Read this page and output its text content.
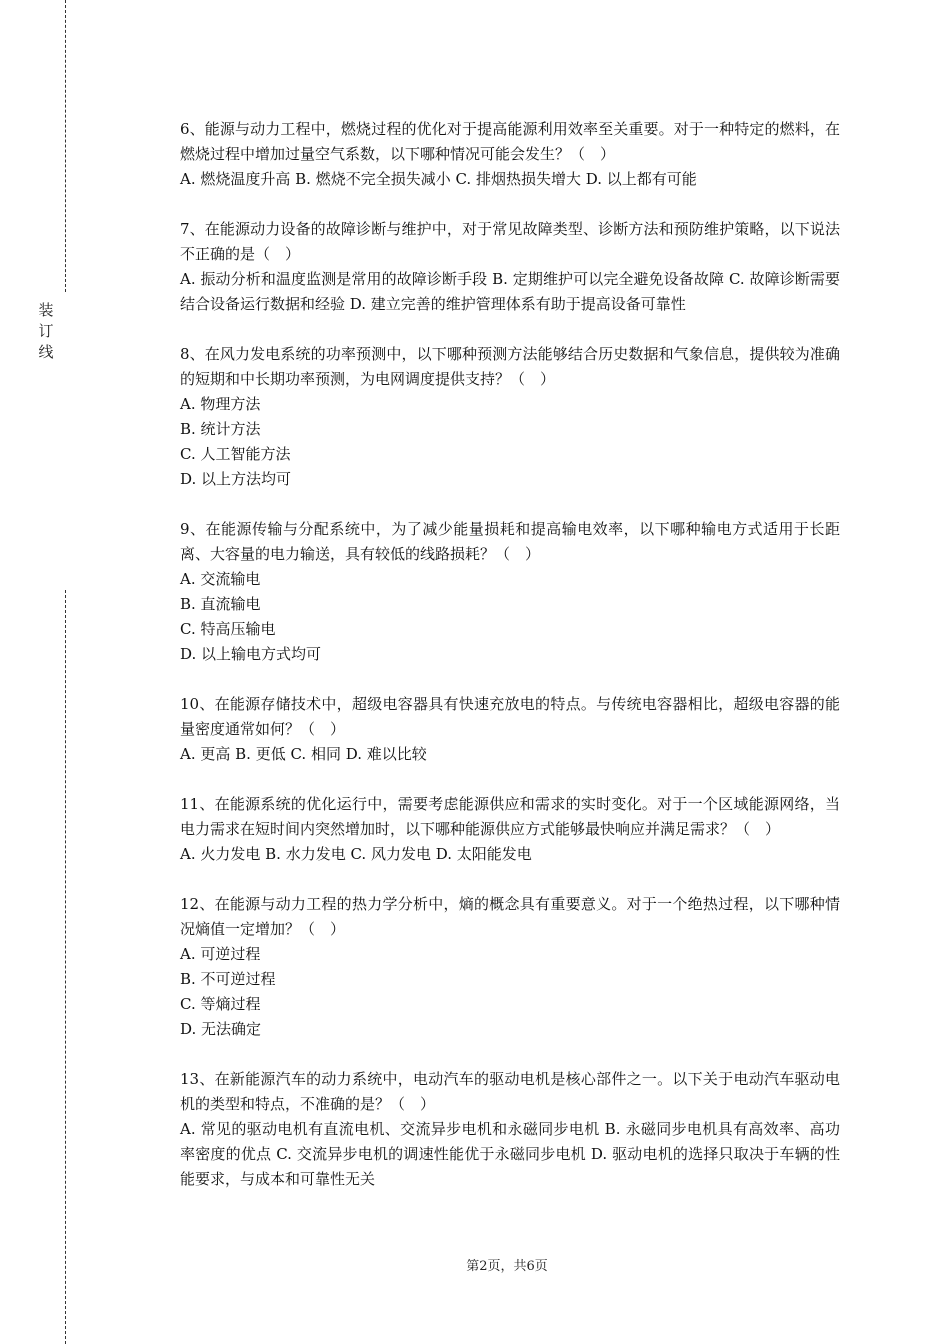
装
订
线

6、能源与动力工程中，燃烧过程的优化对于提高能源利用效率至关重要。对于一种特定的燃料，在燃烧过程中增加过量空气系数，以下哪种情况可能会发生？（　）

A. 燃烧温度升高 B. 燃烧不完全损失减小 C. 排烟热损失增大 D. 以上都有可能

7、在能源动力设备的故障诊断与维护中，对于常见故障类型、诊断方法和预防维护策略，以下说法不正确的是（　）

A. 振动分析和温度监测是常用的故障诊断手段 B. 定期维护可以完全避免设备故障 C. 故障诊断需要结合设备运行数据和经验 D. 建立完善的维护管理体系有助于提高设备可靠性

8、在风力发电系统的功率预测中，以下哪种预测方法能够结合历史数据和气象信息，提供较为准确的短期和中长期功率预测，为电网调度提供支持？（　）

A. 物理方法

B. 统计方法

C. 人工智能方法

D. 以上方法均可

9、在能源传输与分配系统中，为了减少能量损耗和提高输电效率，以下哪种输电方式适用于长距离、大容量的电力输送，具有较低的线路损耗？（　）

A. 交流输电

B. 直流输电

C. 特高压输电

D. 以上输电方式均可

10、在能源存储技术中，超级电容器具有快速充放电的特点。与传统电容器相比，超级电容器的能量密度通常如何？（　）

A. 更高 B. 更低 C. 相同 D. 难以比较

11、在能源系统的优化运行中，需要考虑能源供应和需求的实时变化。对于一个区域能源网络，当电力需求在短时间内突然增加时，以下哪种能源供应方式能够最快响应并满足需求？（　）

A. 火力发电 B. 水力发电 C. 风力发电 D. 太阳能发电

12、在能源与动力工程的热力学分析中，熵的概念具有重要意义。对于一个绝热过程，以下哪种情况熵值一定增加？（　）

A. 可逆过程

B. 不可逆过程

C. 等熵过程

D. 无法确定

13、在新能源汽车的动力系统中，电动汽车的驱动电机是核心部件之一。以下关于电动汽车驱动电机的类型和特点，不准确的是？（　）

A. 常见的驱动电机有直流电机、交流异步电机和永磁同步电机 B. 永磁同步电机具有高效率、高功率密度的优点 C. 交流异步电机的调速性能优于永磁同步电机 D. 驱动电机的选择只取决于车辆的性能要求，与成本和可靠性无关

第2页，共6页
